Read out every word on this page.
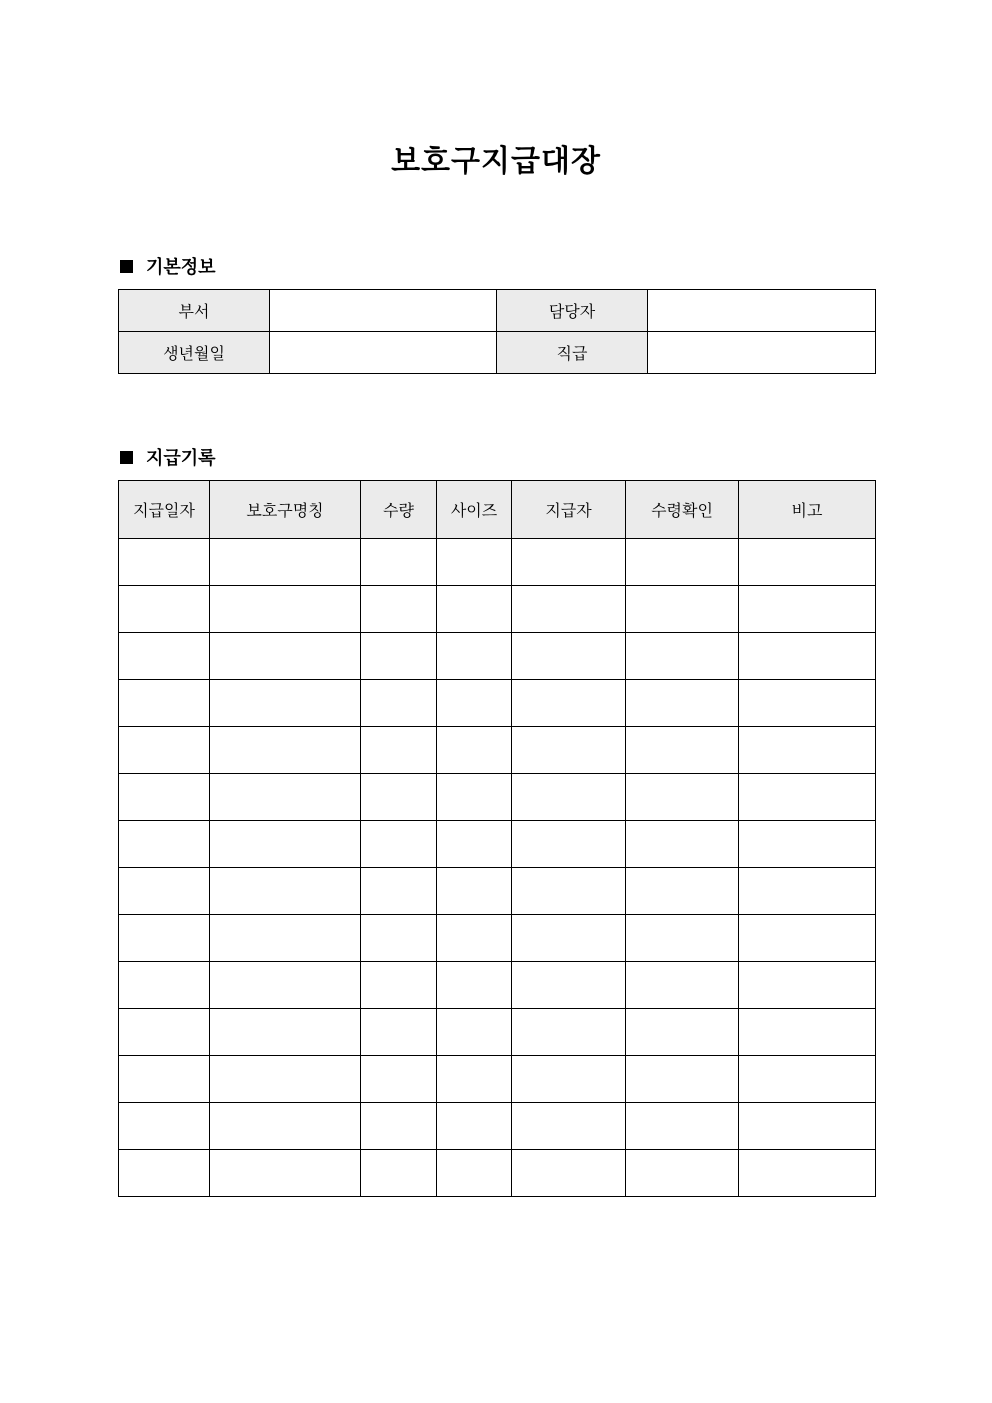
보호구지급대장
기본정보
부서		담당자	
생년월일		직급	
지급기록
지급일자	보호구명칭	수량	사이즈	지급자	수령확인	비고
